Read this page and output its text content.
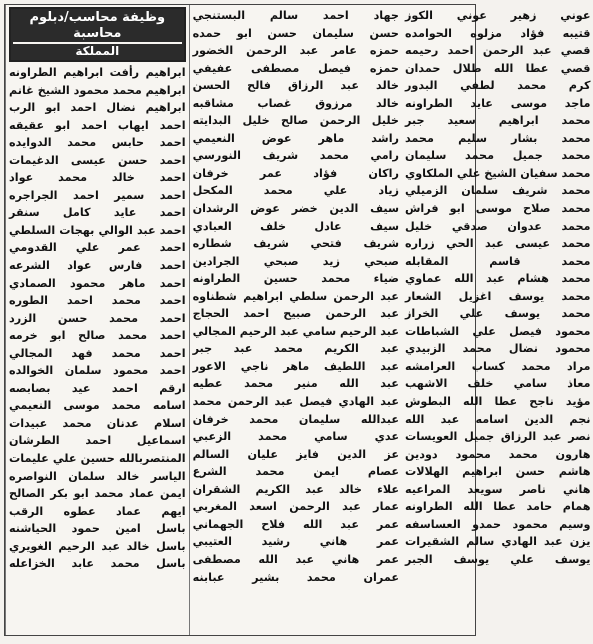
وظيفة محاسب/دبلوم
محاسبة
المملكة
ابراهيم رأفت ابراهيم الطراونه
ابراهيم محمد محمود الشيخ غانم
ابراهيم نضال احمد ابو الرب
احمد ايهاب احمد ابو عقيقه
احمد حابس محمد الدوايده
احمد حسن عيسى الدغيمات
احمد خالد محمد عواد
احمد سمير احمد الجراجره
احمد عايد كامل سنقر
احمد عبد الوالي بهجات السلطي
احمد عمر علي القدومي
احمد فارس عواد الشرعه
احمد ماهر محمود الصمادي
احمد محمد احمد الطوره
احمد محمد حسن الزرد
احمد محمد صالح ابو خرمه
احمد محمد فهد المجالي
احمد محمود سلمان الخوالده
ارقم احمد عيد بصابصه
اسامه محمد موسى النعيمي
اسلام عدنان محمد عبيدات
اسماعيل احمد الطرشان
المنتصربالله حسين علي عليمات
الياسر خالد سلمان النواصره
ايمن عماد محمد ابو بكر الصالح
ايهم عماد عطوه الرقب
باسل امين حمود الحياشنه
باسل خالد عبد الرحيم الغويري
باسل محمد عابد الخزاعله
جهاد احمد سالم البستنجي
حسن سليمان حسن ابو حمده
حمزه عامر عبد الرحمن الخضور
حمزه فيصل مصطفى عفيفي
خالد عبد الرزاق فالح الحسن
خالد مرزوق غصاب مشاقبه
خليل الرحمن صالح خليل البدايته
راشد ماهر عوض النعيمي
رامي محمد شريف النورسي
راكان فؤاد عمر خرفان
زياد علي محمد المكحل
سيف الدين خضر عوض الرشدان
سيف عادل خلف العبادي
شريف فتحي شريف شطاره
صبحي زيد صبحي الجرادين
ضياء محمد حسين الطراونه
عبد الرحمن سلطي ابراهيم شطناوه
عبد الرحمن صبيح احمد الحجاج
عبد الرحيم سامي عبد الرحيم المجالي
عبد الكريم محمد عبد جبر
عبد اللطيف ماهر ناجي الاعور
عبد الله منير محمد عطيه
عبد الهادي فيصل عبد الرحمن محمد
عبدالله سليمان محمد خرفان
عدي سامي محمد الزعبي
عز الدين فايز عليان السالم
عصام ايمن محمد الشرع
علاء خالد عبد الكريم الشقران
عمار عبد الرحمن اسعد المغربي
عمر عبد الله فلاح الجهماني
عمر هاني رشيد العتيبي
عمر هاني عبد الله مصطفى
عمران محمد بشير عبابنه
عوني زهير عوني الكوز
قتيبه فؤاد مزلوه الحوامده
قصي عبد الرحمن احمد رحيمه
قصي عطا الله طلال حمدان
كرم محمد لطفي البدور
ماجد موسى عايد الطراونه
محمد ابراهيم سعيد جبر
محمد بشار سليم محمد
محمد جميل محمد سليمان
محمد سفيان الشيخ علي الملكاوي
محمد شريف سلمان الزميلي
محمد صلاح موسى ابو فراش
محمد عدوان صدقي خليل
محمد عيسى عبد الحي زراره
محمد قاسم المقابله
محمد هشام عبد الله عماوي
محمد يوسف اغزيل الشعار
محمد يوسف علي الخراز
محمود فيصل علي الشباطات
محمود نضال محمد الزبيدي
مراد محمد كساب العرامشه
معاذ سامي خلف الاشهب
مؤيد ناجح عطا الله البطوش
نجم الدين اسامه عبد الله
نصر عبد الرزاق جميل العويسات
هارون محمد محمود دودين
هاشم حسن ابراهيم الهلالات
هاني ناصر سويعد المراعيه
همام حامد عطا الله الطراونه
وسيم محمود حمدو العساسفه
يزن عبد الهادي سالم الشقيرات
يوسف علي يوسف الجبر
